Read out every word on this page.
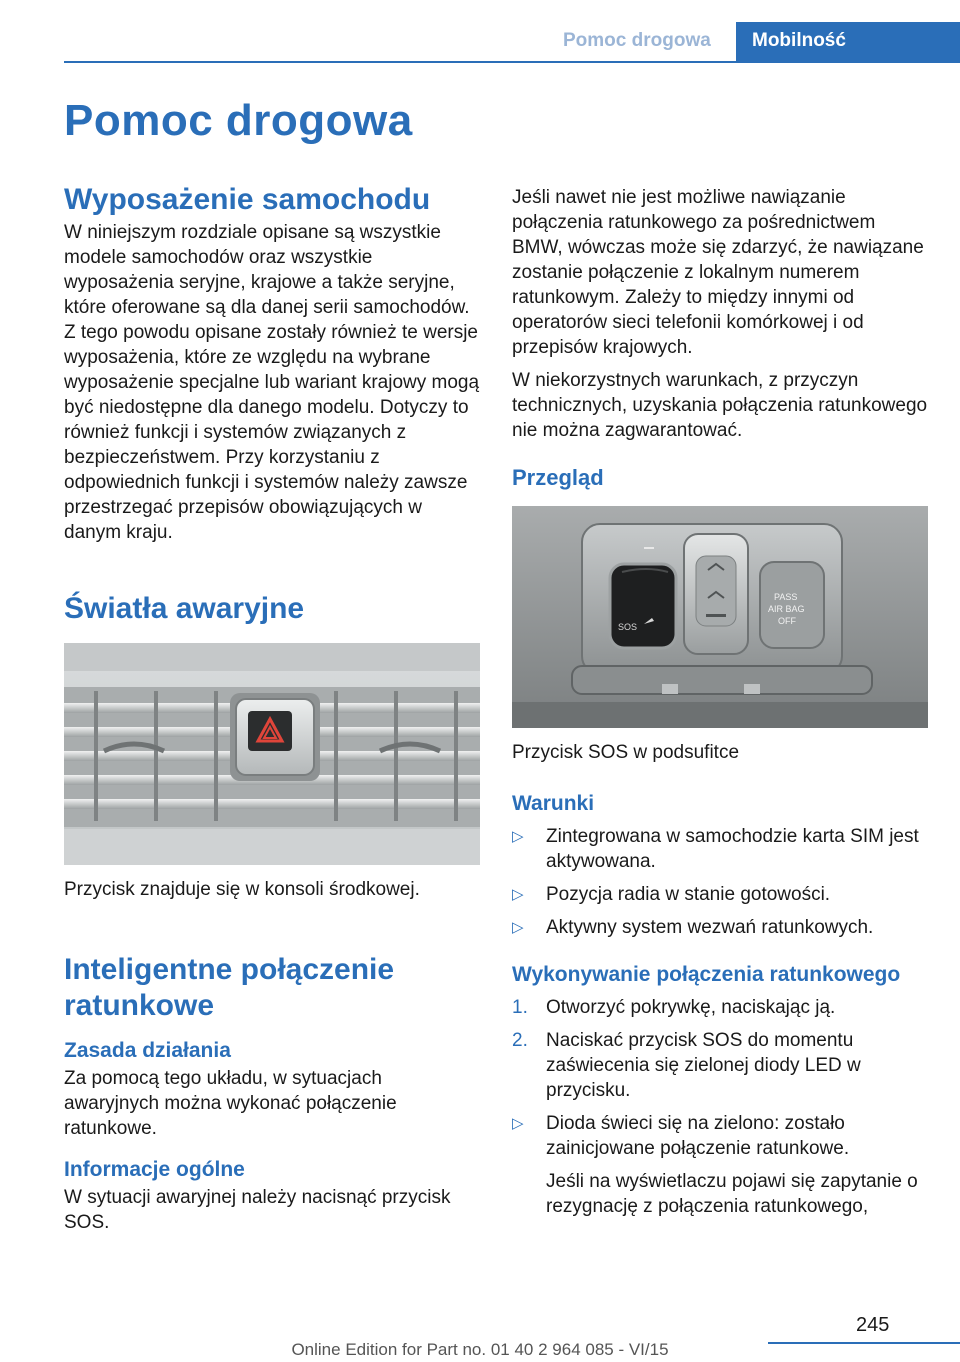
Pomoc drogowa	Mobilność
Pomoc drogowa
Wyposażenie samochodu

W niniejszym rozdziale opisane są wszystkie modele samochodów oraz wszystkie wyposażenia seryjne, krajowe a także seryjne, które oferowane są dla danej serii samochodów. Z tego powodu opisane zostały również te wersje wyposażenia, które ze względu na wybrane wyposażenie specjalne lub wariant krajowy mogą być niedostępne dla danego modelu. Dotyczy to również funkcji i systemów związanych z bezpieczeństwem. Przy korzystaniu z odpowiednich funkcji i systemów należy zawsze przestrzegać przepisów obowiązujących w danym kraju.

Światła awaryjne

Przycisk znajduje się w konsoli środkowej.

Inteligentne połączenie ratunkowe
Zasada działania

Za pomocą tego układu, w sytuacjach awaryjnych można wykonać połączenie ratunkowe.

Informacje ogólne

W sytuacji awaryjnej należy nacisnąć przycisk SOS.

Jeśli nawet nie jest możliwe nawiązanie połączenia ratunkowego za pośrednictwem BMW, wówczas może się zdarzyć, że nawiązane zostanie połączenie z lokalnym numerem ratunkowym. Zależy to między innymi od operatorów sieci telefonii komórkowej i od przepisów krajowych.

W niekorzystnych warunkach, z przyczyn technicznych, uzyskania połączenia ratunkowego nie można zagwarantować.

Przegląd
SOS
PASS
AIR BAG
OFF

Przycisk SOS w podsufitce

Warunki
▷ Zintegrowana w samochodzie karta SIM jest aktywowana.
▷ Pozycja radia w stanie gotowości.
▷ Aktywny system wezwań ratunkowych.
Wykonywanie połączenia ratunkowego
1. Otworzyć pokrywkę, naciskając ją.
2. Naciskać przycisk SOS do momentu zaświecenia się zielonej diody LED w przycisku.
▷ Dioda świeci się na zielono: zostało zainicjowane połączenie ratunkowe.
Jeśli na wyświetlaczu pojawi się zapytanie o rezygnację z połączenia ratunkowego,
245
Online Edition for Part no. 01 40 2 964 085 - VI/15
